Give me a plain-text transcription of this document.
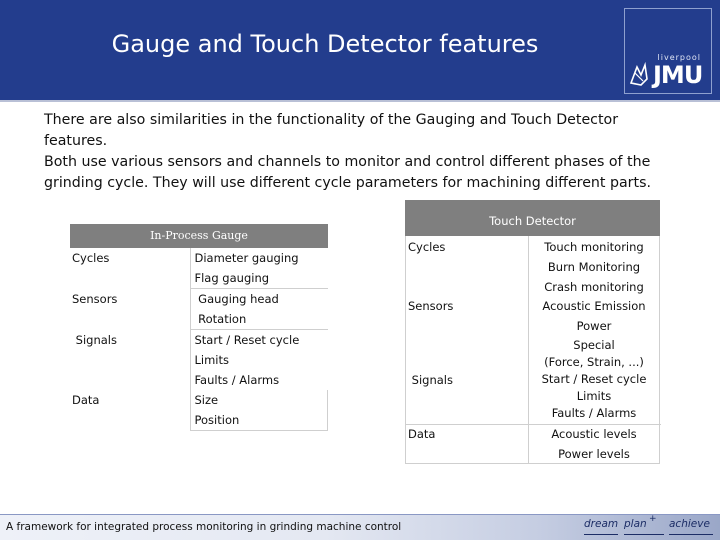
Gauge and Touch Detector features	liverpool
JMU

There are also similarities in the functionality of the Gauging and Touch Detector features.

Both use various sensors and channels to monitor and control different phases of the grinding cycle. They will use different cycle parameters for machining different parts.

In-Process Gauge
Cycles	Diameter gauging
Flag gauging

Sensors	Gauging head
Rotation

Signals	Start / Reset cycle
Limits
Faults / Alarms

Data	Size
Position
Touch Detector
Cycles	Touch monitoring
Burn Monitoring
Crash monitoring
Sensors	Acoustic Emission
Power
Special
(Force, Strain, ...)
Signals	Start / Reset cycle
Limits
Faults / Alarms
Data	Acoustic levels
Power levels
A framework for integrated process monitoring in grinding machine control	dream plan + achieve
